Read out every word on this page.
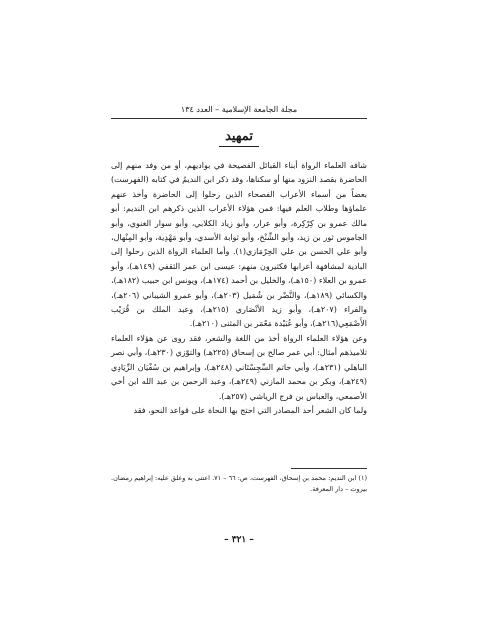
مجلة الجامعة الإسلامية – العدد ١٣٤
تمهيد

شافه العلماء الرواة أبناء القبائل الفصيحة في بواديهم، أو من وفد منهم إلى الحاضرة بقصد النزود منها أو سكناها، وقد ذكر ابن النديمُ في كتابه (الفهرست) بعضاً من أسماء الأعراب الفصحاء الذين رحلوا إلى الحاضرة وأخذ عنهم علماؤها وطلاب العلم فيها: فمن هؤلاء الأعراب الذين ذكرهم ابن النديم: أبو مالك عمرو بن كِرْكِرة، وأبو عرار، وأبو زياد الكلابي، وأبو سوار الغنوي، وأبو الجاموس ثور بن زيد، وأبو الشِّنْخ، وأبو ثوابة الأسدي، وأبو مَهْدِية، وأبو المِنْهال، وأبو علي الحسن بن علي الحِرْمَازي(١). وأما العلماء الرواة الذين رحلوا إلى البادية لمشافهة أعرابها فكثيرون منهم: عيسى ابن عمر الثقفي (١٤٩هـ)، وأبو عمرو بن العلاء (١٥٠هـ)، والخليل بن أحمد (١٧٤هـ)، ويونس ابن حبيب (١٨٢هـ)، والكسائي (١٨٩هـ)، والنَّضْر بن شُمَيل (٢٠٣هـ)، وأبو عمرو الشيباني (٢٠٦هـ)، والفراء (٢٠٧هـ)، وأبو زيد الأنْصَاري (٢١٥هـ)، وعبد الملك بن قُرَيْب الأَصْمَعِي(٢١٦هـ)، وأبو عُبَيْدة مَعْمَر بن المثنى (٢١٠هـ).

وعن هؤلاء العلماء الرواة أخذ من اللغة والشعر، فقد روى عن هؤلاء العلماء تلاميذهم أمثال: أبي عمر صالح بن إسحاق (٢٢٥هـ) والتوّزي (٢٣٠هـ)، وأبي نصر الباهلي (٢٣١هـ)، وأبي حاتم السِّجِسْتَاني (٢٤٨هـ)، وإبراهيم بن سُفْيَان الزِّيَادِي (٢٤٩هـ)، وبكر بن محمد المازني (٢٤٩هـ)، وعبد الرحمن بن عبد الله ابن أخي الأصمعي، والعباس بن فرج الرياشي (٢٥٧هـ).

ولما كان الشعر أحد المصادر التي احتج بها النحاة على قواعد النحو، فقد

(١) ابن النديم: محمد بن إسحاق، الفهرست، ص: ٦٦ – ٧١. اعتنى به وعلق عليه: إبراهيم رمضان. بيروت – دار المعرفة.
– ٣٢١ –
